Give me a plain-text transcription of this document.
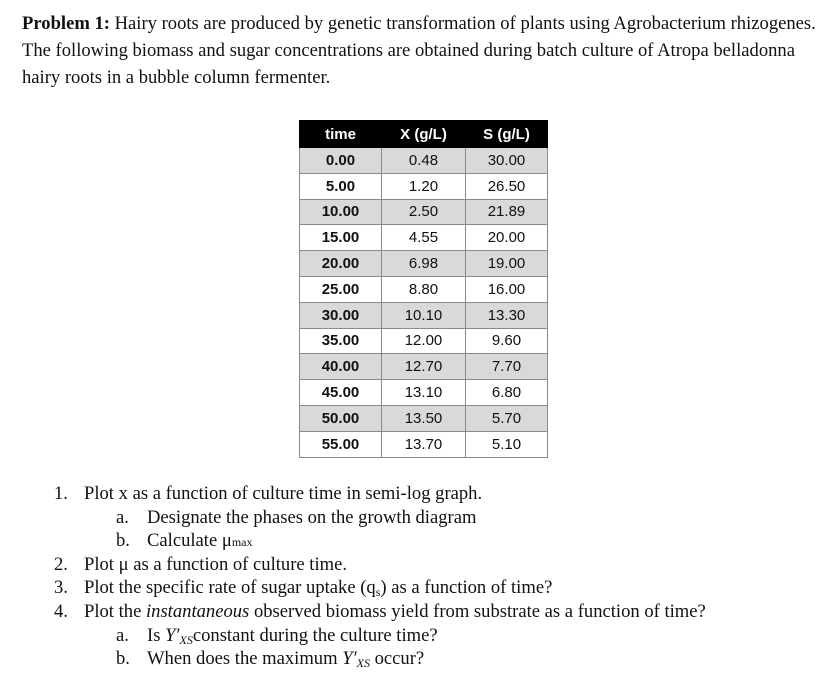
Problem 1: Hairy roots are produced by genetic transformation of plants using Agrobacterium rhizogenes. The following biomass and sugar concentrations are obtained during batch culture of Atropa belladonna hairy roots in a bubble column fermenter.
time	X (g/L)	S (g/L)
0.00	0.48	30.00
5.00	1.20	26.50
10.00	2.50	21.89
15.00	4.55	20.00
20.00	6.98	19.00
25.00	8.80	16.00
30.00	10.10	13.30
35.00	12.00	9.60
40.00	12.70	7.70
45.00	13.10	6.80
50.00	13.50	5.70
55.00	13.70	5.10
1. Plot x as a function of culture time in semi-log graph.
a. Designate the phases on the growth diagram
b. Calculate μmax
2. Plot μ as a function of culture time.
3. Plot the specific rate of sugar uptake (qs) as a function of time?
4. Plot the instantaneous observed biomass yield from substrate as a function of time?
a. Is $Y'_{XS}constant$ during the culture time?
b. When does the maximum $Y'_{XS}$ occur?
